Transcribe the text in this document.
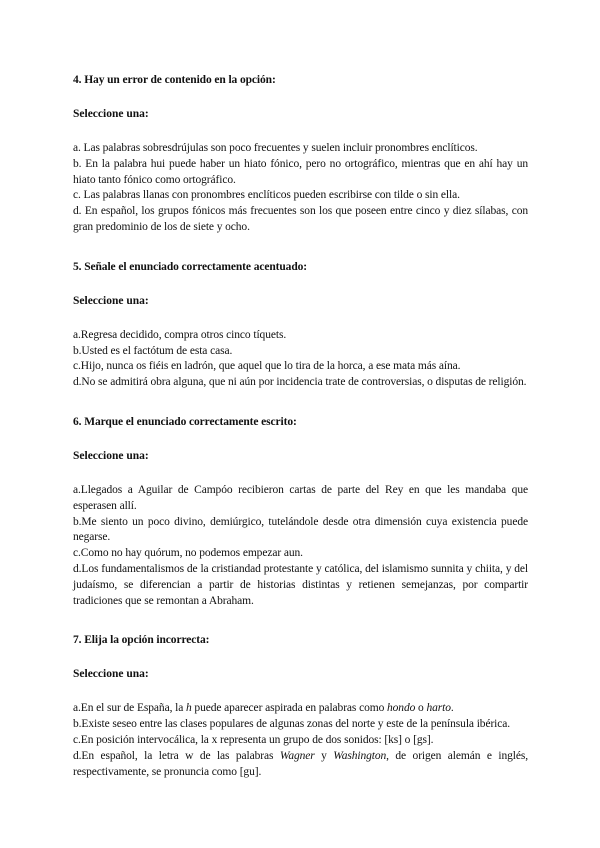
4. Hay un error de contenido en la opción:

Seleccione una:

a. Las palabras sobresdrújulas son poco frecuentes y suelen incluir pronombres enclíticos.

b. En la palabra hui puede haber un hiato fónico, pero no ortográfico, mientras que en ahí hay un hiato tanto fónico como ortográfico.

c. Las palabras llanas con pronombres enclíticos pueden escribirse con tilde o sin ella.

d. En español, los grupos fónicos más frecuentes son los que poseen entre cinco y diez sílabas, con gran predominio de los de siete y ocho.

5. Señale el enunciado correctamente acentuado:

Seleccione una:

a.Regresa decidido, compra otros cinco tíquets.

b.Usted es el factótum de esta casa.

c.Hijo, nunca os fiéis en ladrón, que aquel que lo tira de la horca, a ese mata más aína.

d.No se admitirá obra alguna, que ni aún por incidencia trate de controversias, o disputas de religión.

6. Marque el enunciado correctamente escrito:

Seleccione una:

a.Llegados a Aguilar de Campóo recibieron cartas de parte del Rey en que les mandaba que esperasen allí.

b.Me siento un poco divino, demiúrgico, tutelándole desde otra dimensión cuya existencia puede negarse.

c.Como no hay quórum, no podemos empezar aun.

d.Los fundamentalismos de la cristiandad protestante y católica, del islamismo sunnita y chiita, y del judaísmo, se diferencian a partir de historias distintas y retienen semejanzas, por compartir tradiciones que se remontan a Abraham.

7. Elija la opción incorrecta:

Seleccione una:

a.En el sur de España, la h puede aparecer aspirada en palabras como hondo o harto.

b.Existe seseo entre las clases populares de algunas zonas del norte y este de la península ibérica.

c.En posición intervocálica, la x representa un grupo de dos sonidos: [ks] o [gs].

d.En español, la letra w de las palabras Wagner y Washington, de origen alemán e inglés, respectivamente, se pronuncia como [gu].
